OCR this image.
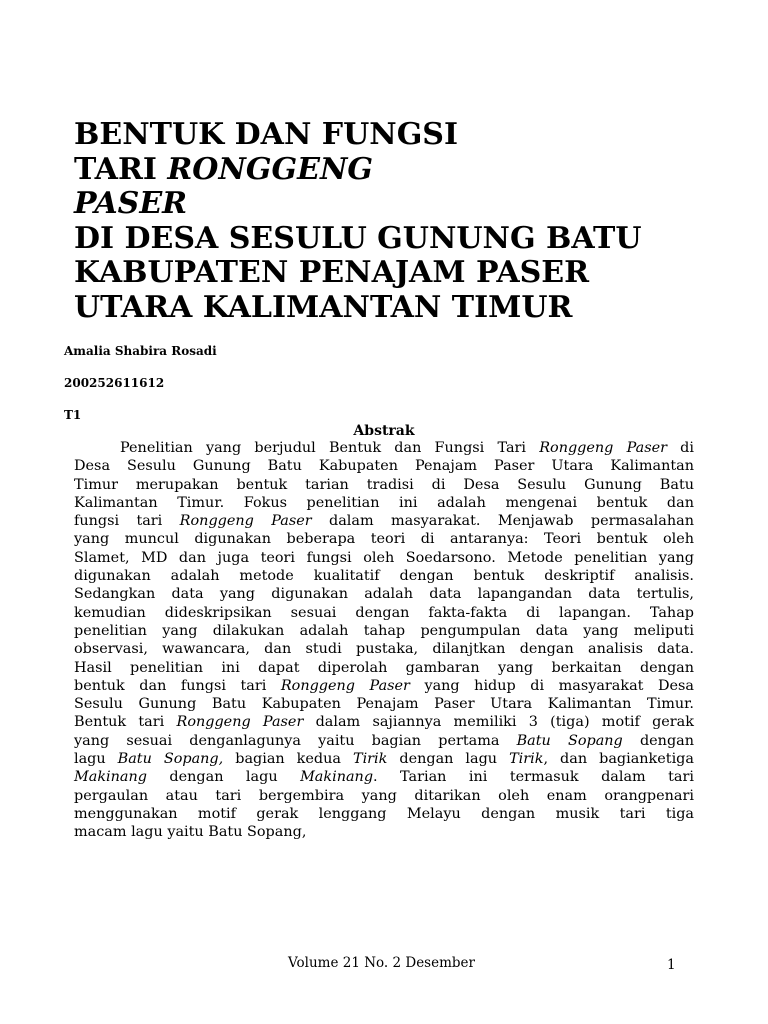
BENTUK DAN FUNGSI
TARI RONGGENG
PASER
DI DESA SESULU GUNUNG BATU
KABUPATEN PENAJAM PASER
UTARA KALIMANTAN TIMUR
Amalia Shabira Rosadi
200252611612
T1
Abstrak
Penelitian yang berjudul Bentuk dan Fungsi Tari Ronggeng Paser di
Desa Sesulu Gunung Batu Kabupaten Penajam Paser Utara Kalimantan
Timur merupakan bentuk tarian tradisi di Desa Sesulu Gunung Batu
Kalimantan Timur. Fokus penelitian ini adalah mengenai bentuk dan
fungsi tari Ronggeng Paser dalam masyarakat. Menjawab permasalahan
yang muncul digunakan beberapa teori di antaranya: Teori bentuk oleh
Slamet, MD dan juga teori fungsi oleh Soedarsono. Metode penelitian yang
digunakan adalah metode kualitatif dengan bentuk deskriptif analisis.
Sedangkan data yang digunakan adalah data lapangandan data tertulis,
kemudian dideskripsikan sesuai dengan fakta-fakta di lapangan. Tahap
penelitian yang dilakukan adalah tahap pengumpulan data yang meliputi
observasi, wawancara, dan studi pustaka, dilanjtkan dengan analisis data.
Hasil penelitian ini dapat diperolah gambaran yang berkaitan dengan
bentuk dan fungsi tari Ronggeng Paser yang hidup di masyarakat Desa
Sesulu Gunung Batu Kabupaten Penajam Paser Utara Kalimantan Timur.
Bentuk tari Ronggeng Paser dalam sajiannya memiliki 3 (tiga) motif gerak
yang sesuai denganlagunya yaitu bagian pertama Batu Sopang dengan
lagu Batu Sopang, bagian kedua Tirik dengan lagu Tirik, dan bagianketiga
Makinang dengan lagu Makinang. Tarian ini termasuk dalam tari
pergaulan atau tari bergembira yang ditarikan oleh enam orangpenari
menggunakan motif gerak lenggang Melayu dengan musik tari tiga
macam lagu yaitu Batu Sopang,
Volume 21 No. 2 Desember	1
